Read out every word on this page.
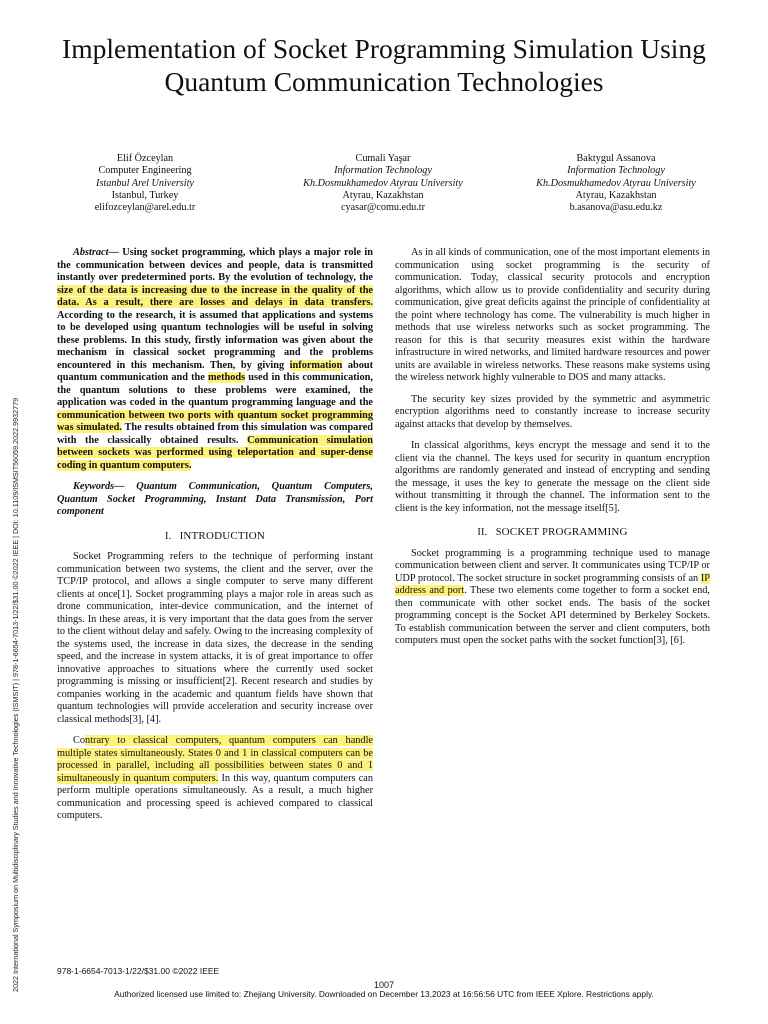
Implementation of Socket Programming Simulation Using Quantum Communication Technologies
Elif Özceylan
Computer Engineering
Istanbul Arel University
Istanbul, Turkey
elifozceylan@arel.edu.tr
Cumali Yaşar
Information Technology
Kh.Dosmukhamedov Atyrau University
Atyrau, Kazakhstan
cyasar@comu.edu.tr
Baktygul Assanova
Information Technology
Kh.Dosmukhamedov Atyrau University
Atyrau, Kazakhstan
b.asanova@asu.edu.kz
2022 International Symposium on Multidisciplinary Studies and Innovative Technologies (ISMSIT) | 978-1-6654-7013-1/22/$31.00 ©2022 IEEE | DOI: 10.1109/ISMSIT56059.2022.9932779

Abstract— Using socket programming, which plays a major role in the communication between devices and people, data is transmitted instantly over predetermined ports. By the evolution of technology, the size of the data is increasing due to the increase in the quality of the data. As a result, there are losses and delays in data transfers. According to the research, it is assumed that applications and systems to be developed using quantum technologies will be useful in solving these problems. In this study, firstly information was given about the mechanism in classical socket programming and the problems encountered in this mechanism. Then, by giving information about quantum communication and the methods used in this communication, the quantum solutions to these problems were examined, the application was coded in the quantum programming language and the communication between two ports with quantum socket programming was simulated. The results obtained from this simulation was compared with the classically obtained results. Communication simulation between sockets was performed using teleportation and super-dense coding in quantum computers.

Keywords— Quantum Communication, Quantum Computers, Quantum Socket Programming, Instant Data Transmission, Port component

I. INTRODUCTION

Socket Programming refers to the technique of performing instant communication between two systems, the client and the server, over the TCP/IP protocol, and allows a single computer to serve many different clients at once[1]. Socket programming plays a major role in areas such as drone communication, inter-device communication, and the internet of things. In these areas, it is very important that the data goes from the server to the client without delay and safely. Owing to the increasing complexity of the systems used, the increase in data sizes, the decrease in the sending speed, and the increase in system attacks, it is of great importance to offer innovative approaches to situations where the currently used socket programming is missing or insufficient[2]. Recent research and studies by companies working in the academic and quantum fields have shown that quantum technologies will provide acceleration and security increase over classical methods[3], [4].

Contrary to classical computers, quantum computers can handle multiple states simultaneously. States 0 and 1 in classical computers can be processed in parallel, including all possibilities between states 0 and 1 simultaneously in quantum computers. In this way, quantum computers can perform multiple operations simultaneously. As a result, a much higher communication and processing speed is achieved compared to classical computers.

As in all kinds of communication, one of the most important elements in communication using socket programming is the security of communication. Today, classical security protocols and encryption algorithms, which allow us to provide confidentiality and security during communication, give great deficits against the principle of confidentiality at the point where technology has come. The vulnerability is much higher in methods that use wireless networks such as socket programming. The reason for this is that security measures exist within the hardware infrastructure in wired networks, and limited hardware resources and power units are available in wireless networks. These reasons make systems using the wireless network highly vulnerable to DOS and many attacks.

The security key sizes provided by the symmetric and asymmetric encryption algorithms need to constantly increase to increase security against attacks that develop by themselves.

In classical algorithms, keys encrypt the message and send it to the client via the channel. The keys used for security in quantum encryption algorithms are randomly generated and instead of encrypting and sending the message, it uses the key to generate the message on the client side without transmitting it through the channel. The information sent to the client is the key information, not the message itself[5].

II. SOCKET PROGRAMMING

Socket programming is a programming technique used to manage communication between client and server. It communicates using TCP/IP or UDP protocol. The socket structure in socket programming consists of an IP address and port. These two elements come together to form a socket end, then communicate with other socket ends. The basis of the socket programming concept is the Socket API determined by Berkeley Sockets. To establish communication between the server and client computers, both computers must open the socket paths with the socket function[3], [6].

978-1-6654-7013-1/22/$31.00 ©2022 IEEE
1007
Authorized licensed use limited to: Zhejiang University. Downloaded on December 13,2023 at 16:56:56 UTC from IEEE Xplore. Restrictions apply.
